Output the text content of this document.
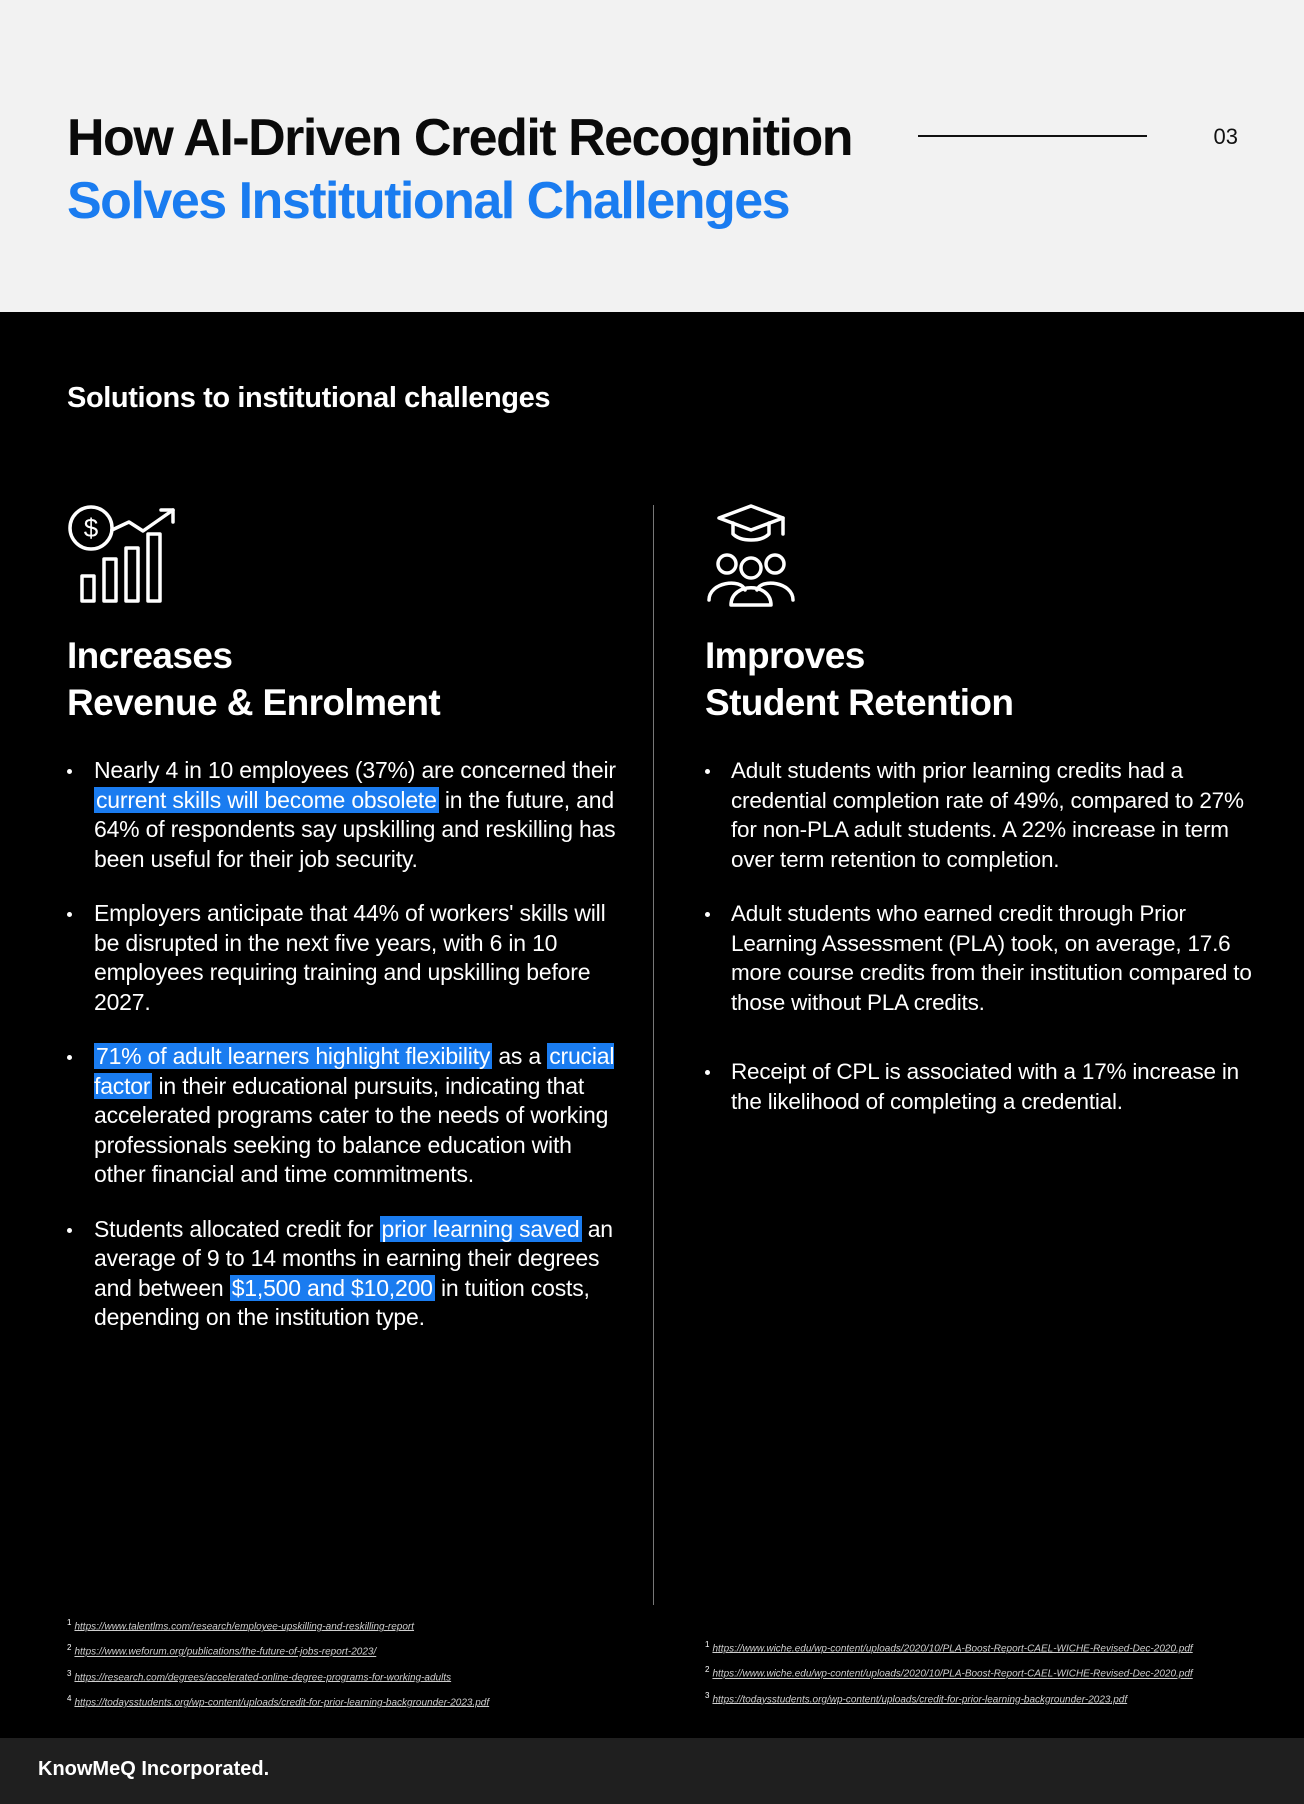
How AI-Driven Credit Recognition
Solves Institutional Challenges
03
Solutions to institutional challenges
$
Increases
Revenue & Enrolment
Nearly 4 in 10 employees (37%) are concerned their current skills will become obsolete in the future, and 64% of respondents say upskilling and reskilling has been useful for their job security.
Employers anticipate that 44% of workers' skills will be disrupted in the next five years, with 6 in 10 employees requiring training and upskilling before 2027.
71% of adult learners highlight flexibility as a crucial factor in their educational pursuits, indicating that accelerated programs cater to the needs of working professionals seeking to balance education with other financial and time commitments.
Students allocated credit for prior learning saved an average of 9 to 14 months in earning their degrees and between $1,500 and $10,200 in tuition costs, depending on the institution type.
Improves
Student Retention
Adult students with prior learning credits had a credential completion rate of 49%, compared to 27% for non-PLA adult students. A 22% increase in term over term retention to completion.
Adult students who earned credit through Prior Learning Assessment (PLA) took, on average, 17.6 more course credits from their institution compared to those without PLA credits.
Receipt of CPL is associated with a 17% increase in the likelihood of completing a credential.
$^1$ https://www.talentlms.com/research/employee-upskilling-and-reskilling-report
$^2$ https://www.weforum.org/publications/the-future-of-jobs-report-2023/
$^3$ https://research.com/degrees/accelerated-online-degree-programs-for-working-adults
$^4$ https://todaysstudents.org/wp-content/uploads/credit-for-prior-learning-backgrounder-2023.pdf
$^1$ https://www.wiche.edu/wp-content/uploads/2020/10/PLA-Boost-Report-CAEL-WICHE-Revised-Dec-2020.pdf
$^2$ https://www.wiche.edu/wp-content/uploads/2020/10/PLA-Boost-Report-CAEL-WICHE-Revised-Dec-2020.pdf
$^3$ https://todaysstudents.org/wp-content/uploads/credit-for-prior-learning-backgrounder-2023.pdf
KnowMeQ Incorporated.
